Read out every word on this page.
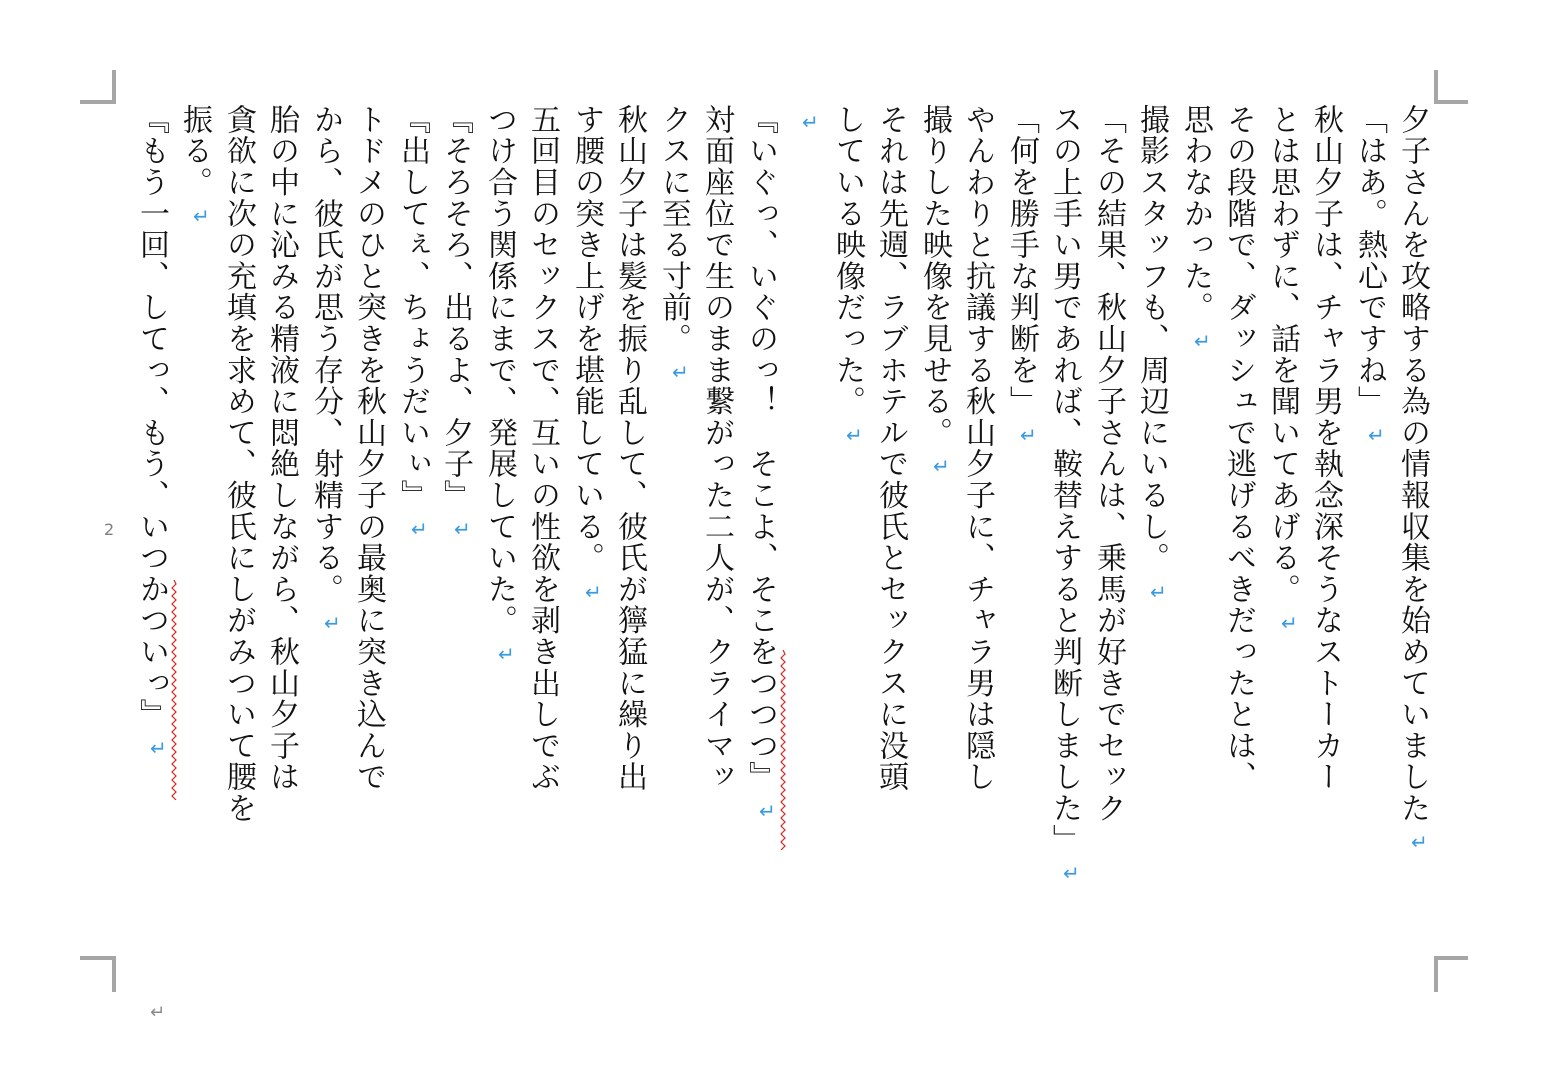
夕子さんを攻略する為の情報収集を始めていました↵
「はあ。熱心ですね」↵
秋山夕子は、チャラ男を執念深そうなストーカー
とは思わずに、話を聞いてあげる。↵
その段階で、ダッシュで逃げるべきだったとは、
思わなかった。↵
撮影スタッフも、周辺にいるし。↵
「その結果、秋山夕子さんは、乗馬が好きでセック
スの上手い男であれば、鞍替えすると判断しました」↵
「何を勝手な判断を」↵
やんわりと抗議する秋山夕子に、チャラ男は隠し
撮りした映像を見せる。↵
それは先週、ラブホテルで彼氏とセックスに没頭
している映像だった。↵
↵
『いぐっ、いぐのっ！　そこよ、そこをつつつ』↵
対面座位で生のまま繋がった二人が、クライマッ
クスに至る寸前。↵
秋山夕子は髪を振り乱して、彼氏が獰猛に繰り出
す腰の突き上げを堪能している。↵
五回目のセックスで、互いの性欲を剥き出しでぶ
つけ合う関係にまで、発展していた。↵
『そろそろ、出るよ、夕子』↵
『出してぇ、ちょうだいぃ』↵
トドメのひと突きを秋山夕子の最奥に突き込んで
から、彼氏が思う存分、射精する。↵
胎の中に沁みる精液に悶絶しながら、秋山夕子は
貪欲に次の充填を求めて、彼氏にしがみついて腰を
振る。↵
『もう一回、してっ、もう、いつかついっ』↵
2
↵
